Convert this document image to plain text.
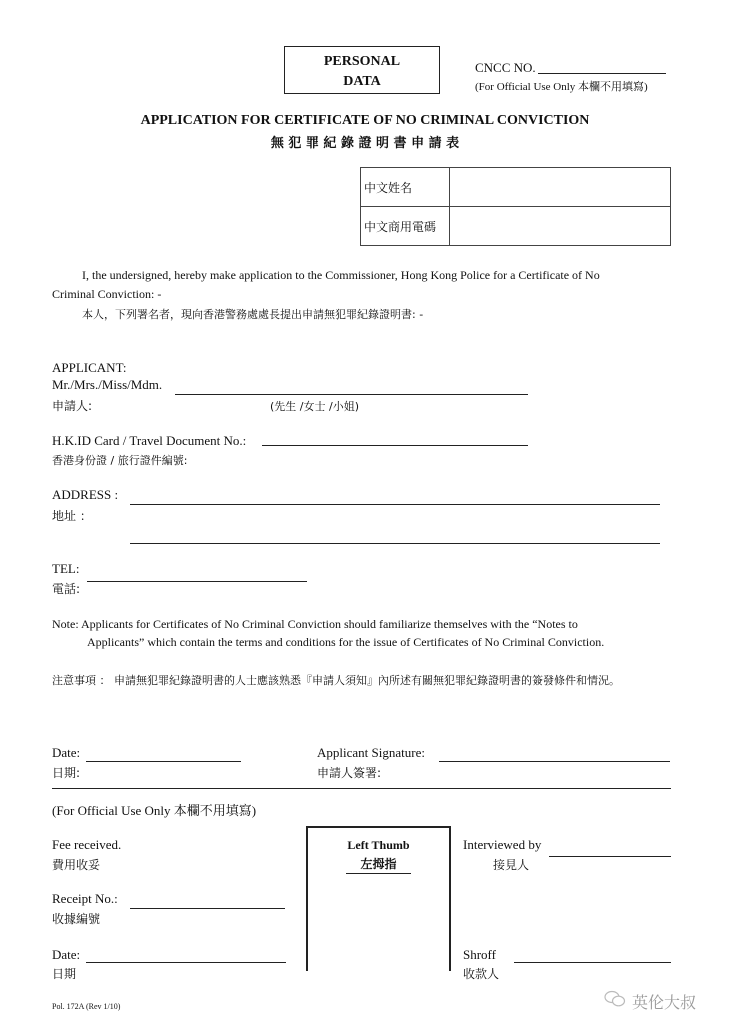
PERSONAL
DATA
CNCC NO.
(For Official Use Only 本欄不用填寫)
APPLICATION FOR CERTIFICATE OF NO CRIMINAL CONVICTION
無 犯 罪 紀 錄 證 明 書 申 請 表
中文姓名	
中文商用電碼	
I, the undersigned, hereby make application to the Commissioner, Hong Kong Police for a Certificate of No
Criminal Conviction: -
本人，下列署名者，現向香港警務處處長提出申請無犯罪紀錄證明書: -
APPLICANT:
Mr./Mrs./Miss/Mdm.
申請人:	(先生 /女士 /小姐)
H.K.ID Card / Travel Document No.:
香港身份證 / 旅行證件編號:
ADDRESS :
地址 ：
TEL:
電話:
Note: Applicants for Certificates of No Criminal Conviction should familiarize themselves with the “Notes to
Applicants” which contain the terms and conditions for the issue of Certificates of No Criminal Conviction.
注意事項 ： 申請無犯罪紀錄證明書的人士應該熟悉『申請人須知』內所述有關無犯罪紀錄證明書的簽發條件和情況。
Date:
日期:
Applicant Signature:
申請人簽署:
(For Official Use Only 本欄不用填寫)
Fee received.
費用收妥
Left Thumb
左拇指
Interviewed by
接見人
Receipt No.:
收據編號
Date:
日期
Shroff
收款人
Pol. 172A (Rev 1/10)	英伦大叔
